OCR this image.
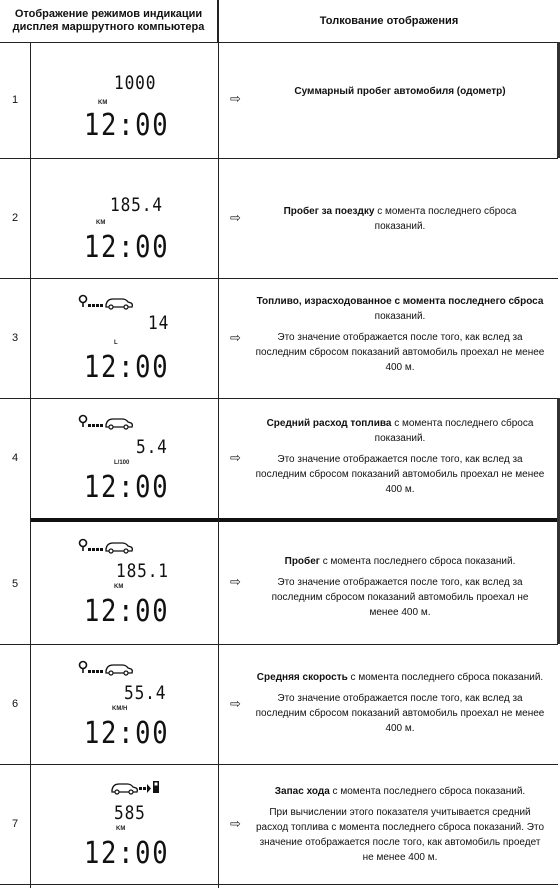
Отображение режимов индикации
дисплея маршрутного компьютера
Толкование отображения
1
1000
KM
12:00
⇨	Суммарный пробег автомобиля (одометр)
2
185.4
KM
12:00
⇨	Пробег за поездку с момента последнего сброса показаний.
3
14
L
12:00
⇨
Топливо, израсходованное с момента последнего сброса показаний.
Это значение отображается после того, как вслед за последним сбросом показаний автомобиль проехал не менее 400 м.
4	5.4
L/100
12:00
⇨
Средний расход топлива с момента последнего сброса показаний.
Это значение отображается после того, как вслед за последним сбросом показаний автомобиль проехал не менее 400 м.
5
185.1
KM
12:00
⇨
Пробег с момента последнего сброса показаний.
Это значение отображается после того, как вслед за последним сбросом показаний автомобиль проехал не менее 400 м.
6	55.4
KM/H
12:00
⇨
Средняя скорость с момента последнего сброса показаний.
Это значение отображается после того, как вслед за последним сбросом показаний автомобиль проехал не менее 400 м.
7	585
KM
12:00
⇨
Запас хода с момента последнего сброса показаний.
При вычислении этого показателя учитывается средний расход топлива с момента последнего сброса показаний. Это значение отображается после того, как автомобиль проедет не менее 400 м.
